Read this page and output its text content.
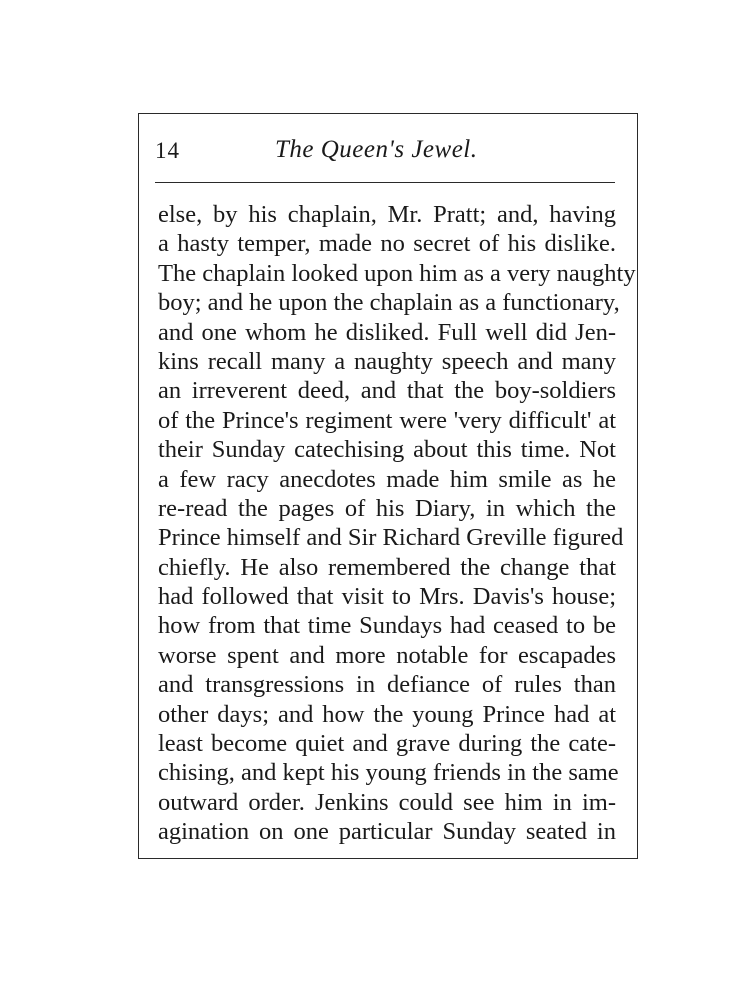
14	The Queen's Jewel.
else, by his chaplain, Mr. Pratt; and, having
a hasty temper, made no secret of his dislike.
The chaplain looked upon him as a very naughty
boy; and he upon the chaplain as a functionary,
and one whom he disliked. Full well did Jen-
kins recall many a naughty speech and many
an irreverent deed, and that the boy-soldiers
of the Prince's regiment were 'very difficult' at
their Sunday catechising about this time. Not
a few racy anecdotes made him smile as he
re-read the pages of his Diary, in which the
Prince himself and Sir Richard Greville figured
chiefly. He also remembered the change that
had followed that visit to Mrs. Davis's house;
how from that time Sundays had ceased to be
worse spent and more notable for escapades
and transgressions in defiance of rules than
other days; and how the young Prince had at
least become quiet and grave during the cate-
chising, and kept his young friends in the same
outward order. Jenkins could see him in im-
agination on one particular Sunday seated in
